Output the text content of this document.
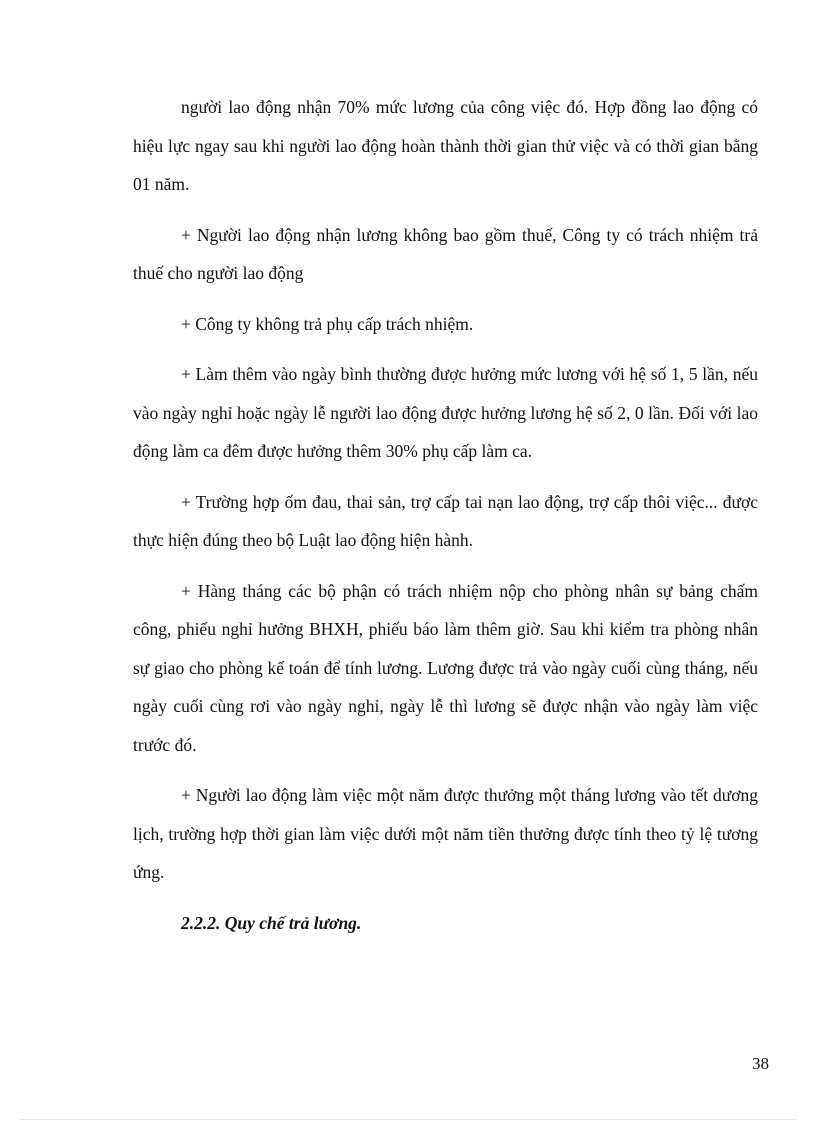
người lao động nhận 70% mức lương của công việc đó. Hợp đồng lao động có hiệu lực ngay sau khi người lao động hoàn thành thời gian thử việc và có thời gian bằng 01 năm.

+ Người lao động nhận lương không bao gồm thuế, Công ty có trách nhiệm trả thuế cho người lao động

+ Công ty không trả phụ cấp trách nhiệm.

+ Làm thêm vào ngày bình thường được hưởng mức lương với hệ số 1, 5 lần, nếu vào ngày nghỉ hoặc ngày lễ người lao động được hưởng lương hệ số 2, 0 lần. Đối với lao động làm ca đêm được hưởng thêm 30% phụ cấp làm ca.

+ Trường hợp ốm đau, thai sản, trợ cấp tai nạn lao động, trợ cấp thôi việc... được thực hiện đúng theo bộ Luật lao động hiện hành.

+ Hàng tháng các bộ phận có trách nhiệm nộp cho phòng nhân sự bảng chấm công, phiếu nghỉ hưởng BHXH, phiếu báo làm thêm giờ. Sau khi kiểm tra phòng nhân sự giao cho phòng kế toán để tính lương. Lương được trả vào ngày cuối cùng tháng, nếu ngày cuối cùng rơi vào ngày nghỉ, ngày lễ thì lương sẽ được nhận vào ngày làm việc trước đó.

+ Người lao động làm việc một năm được thưởng một tháng lương vào tết dương lịch, trường hợp thời gian làm việc dưới một năm tiền thưởng được tính theo tỷ lệ tương ứng.

2.2.2. Quy chế trả lương.

38
